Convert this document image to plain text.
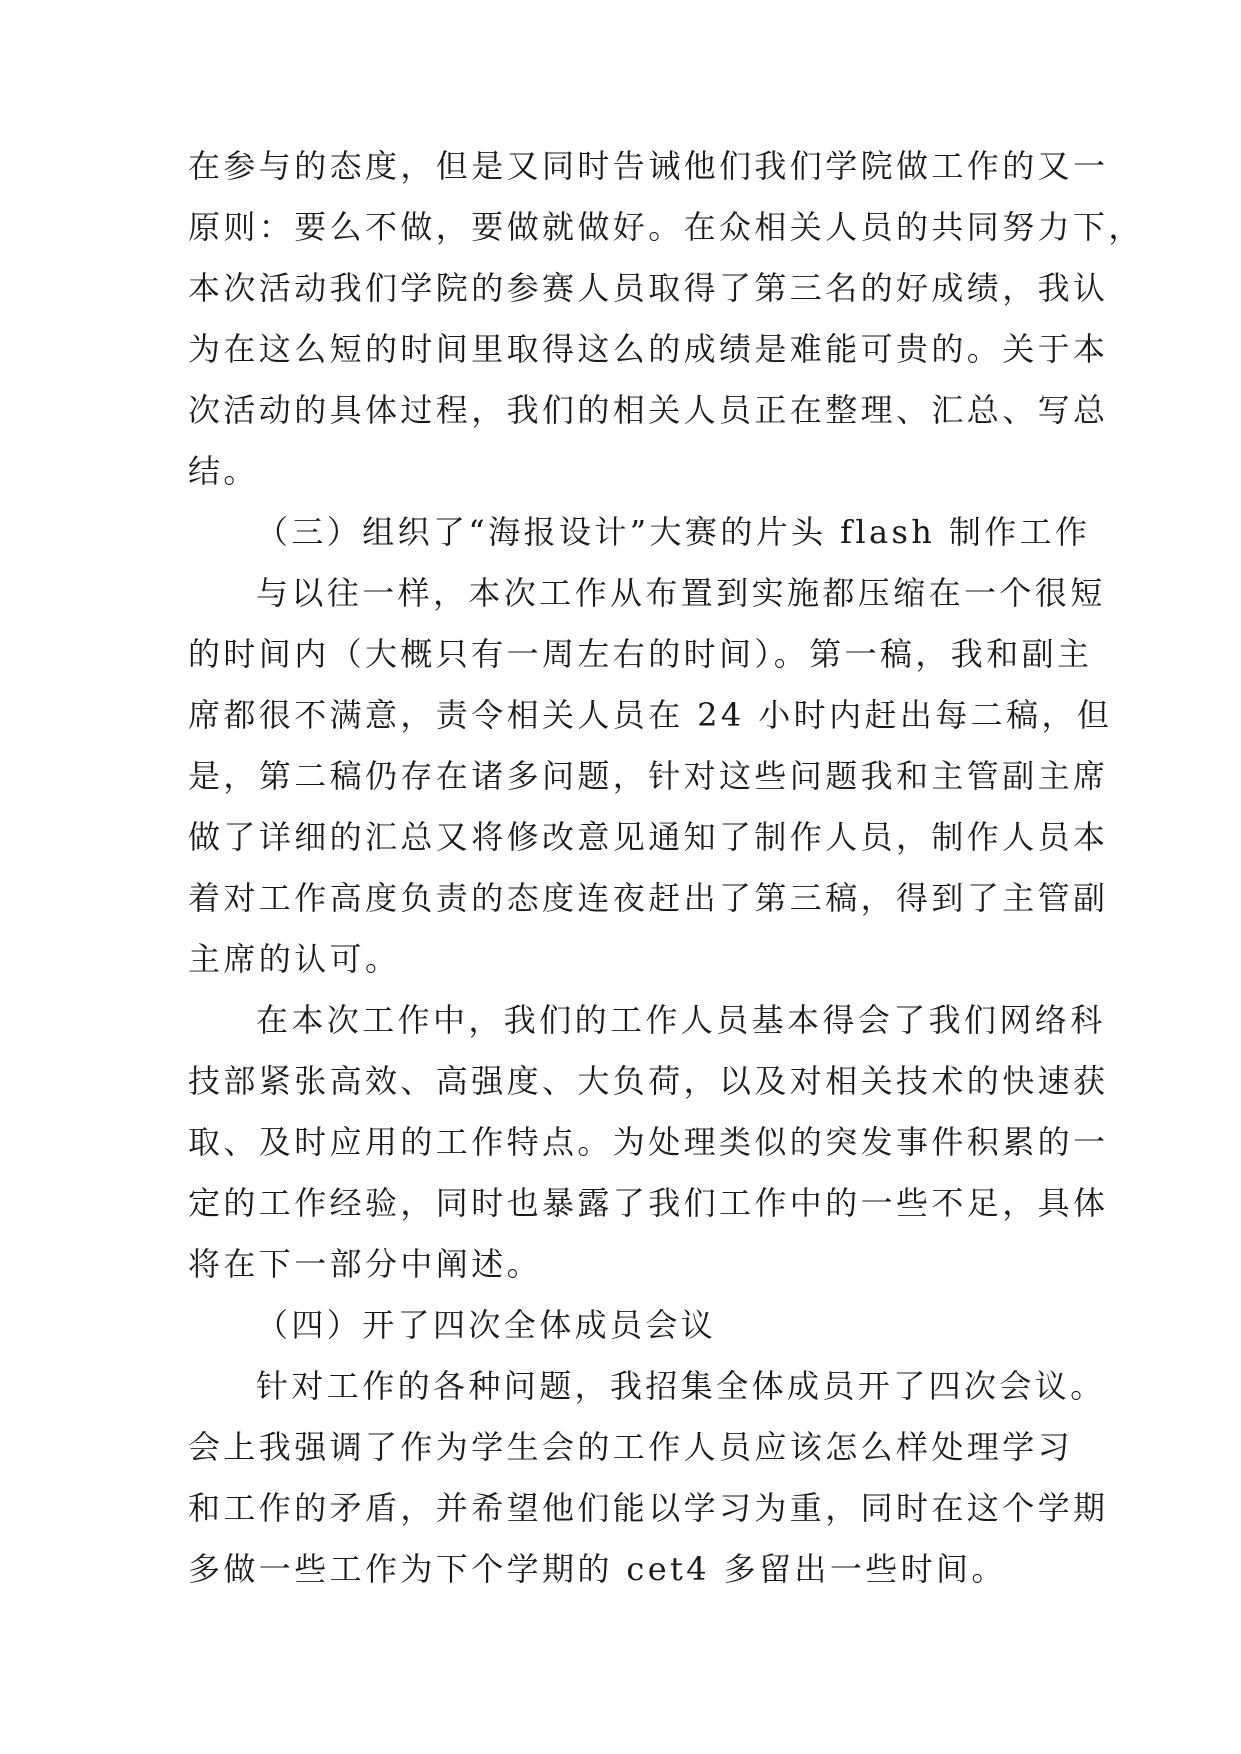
在参与的态度，但是又同时告诫他们我们学院做工作的又一
原则：要么不做，要做就做好。在众相关人员的共同努力下，
本次活动我们学院的参赛人员取得了第三名的好成绩，我认
为在这么短的时间里取得这么的成绩是难能可贵的。关于本
次活动的具体过程，我们的相关人员正在整理、汇总、写总
结。
（三）组织了“海报设计”大赛的片头 flash 制作工作
与以往一样，本次工作从布置到实施都压缩在一个很短
的时间内（大概只有一周左右的时间）。第一稿，我和副主
席都很不满意，责令相关人员在 24 小时内赶出每二稿，但
是，第二稿仍存在诸多问题，针对这些问题我和主管副主席
做了详细的汇总又将修改意见通知了制作人员，制作人员本
着对工作高度负责的态度连夜赶出了第三稿，得到了主管副
主席的认可。
在本次工作中，我们的工作人员基本得会了我们网络科
技部紧张高效、高强度、大负荷，以及对相关技术的快速获
取、及时应用的工作特点。为处理类似的突发事件积累的一
定的工作经验，同时也暴露了我们工作中的一些不足，具体
将在下一部分中阐述。
（四）开了四次全体成员会议
针对工作的各种问题，我招集全体成员开了四次会议。
会上我强调了作为学生会的工作人员应该怎么样处理学习
和工作的矛盾，并希望他们能以学习为重，同时在这个学期
多做一些工作为下个学期的 cet4 多留出一些时间。
